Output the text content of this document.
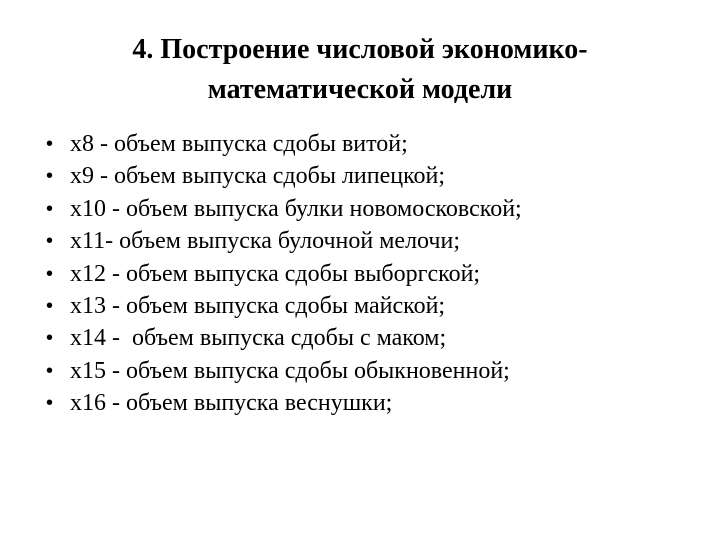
4. Построение числовой экономико-
математической модели
• x8 - объем выпуска сдобы витой;
• x9 - объем выпуска сдобы липецкой;
• x10 - объем выпуска булки новомосковской;
• x11- объем выпуска булочной мелочи;
• x12 - объем выпуска сдобы выборгской;
• x13 - объем выпуска сдобы майской;
• x14 -  объем выпуска сдобы с маком;
• x15 - объем выпуска сдобы обыкновенной;
• x16 - объем выпуска веснушки;
